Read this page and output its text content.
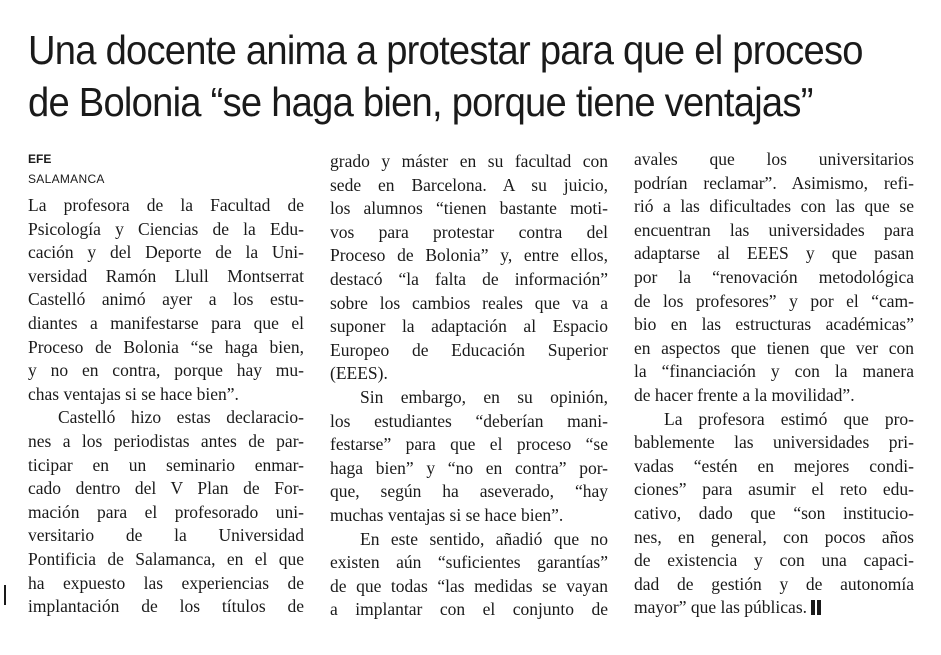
Una docente anima a protestar para que el proceso
de Bolonia “se haga bien, porque tiene ventajas”
EFE
SALAMANCA
La profesora de la Facultad de
Psicología y Ciencias de la Edu-
cación y del Deporte de la Uni-
versidad Ramón Llull Montserrat
Castelló animó ayer a los estu-
diantes a manifestarse para que el
Proceso de Bolonia “se haga bien,
y no en contra, porque hay mu-
chas ventajas si se hace bien”.
Castelló hizo estas declaracio-
nes a los periodistas antes de par-
ticipar en un seminario enmar-
cado dentro del V Plan de For-
mación para el profesorado uni-
versitario de la Universidad
Pontificia de Salamanca, en el que
ha expuesto las experiencias de
implantación de los títulos de
grado y máster en su facultad con
sede en Barcelona. A su juicio,
los alumnos “tienen bastante moti-
vos para protestar contra del
Proceso de Bolonia” y, entre ellos,
destacó “la falta de información”
sobre los cambios reales que va a
suponer la adaptación al Espacio
Europeo de Educación Superior
(EEES).
Sin embargo, en su opinión,
los estudiantes “deberían mani-
festarse” para que el proceso “se
haga bien” y “no en contra” por-
que, según ha aseverado, “hay
muchas ventajas si se hace bien”.
En este sentido, añadió que no
existen aún “suficientes garantías”
de que todas “las medidas se vayan
a implantar con el conjunto de
avales que los universitarios
podrían reclamar”. Asimismo, refi-
rió a las dificultades con las que se
encuentran las universidades para
adaptarse al EEES y que pasan
por la “renovación metodológica
de los profesores” y por el “cam-
bio en las estructuras académicas”
en aspectos que tienen que ver con
la “financiación y con la manera
de hacer frente a la movilidad”.
La profesora estimó que pro-
bablemente las universidades pri-
vadas “estén en mejores condi-
ciones” para asumir el reto edu-
cativo, dado que “son institucio-
nes, en general, con pocos años
de existencia y con una capaci-
dad de gestión y de autonomía
mayor” que las públicas.
